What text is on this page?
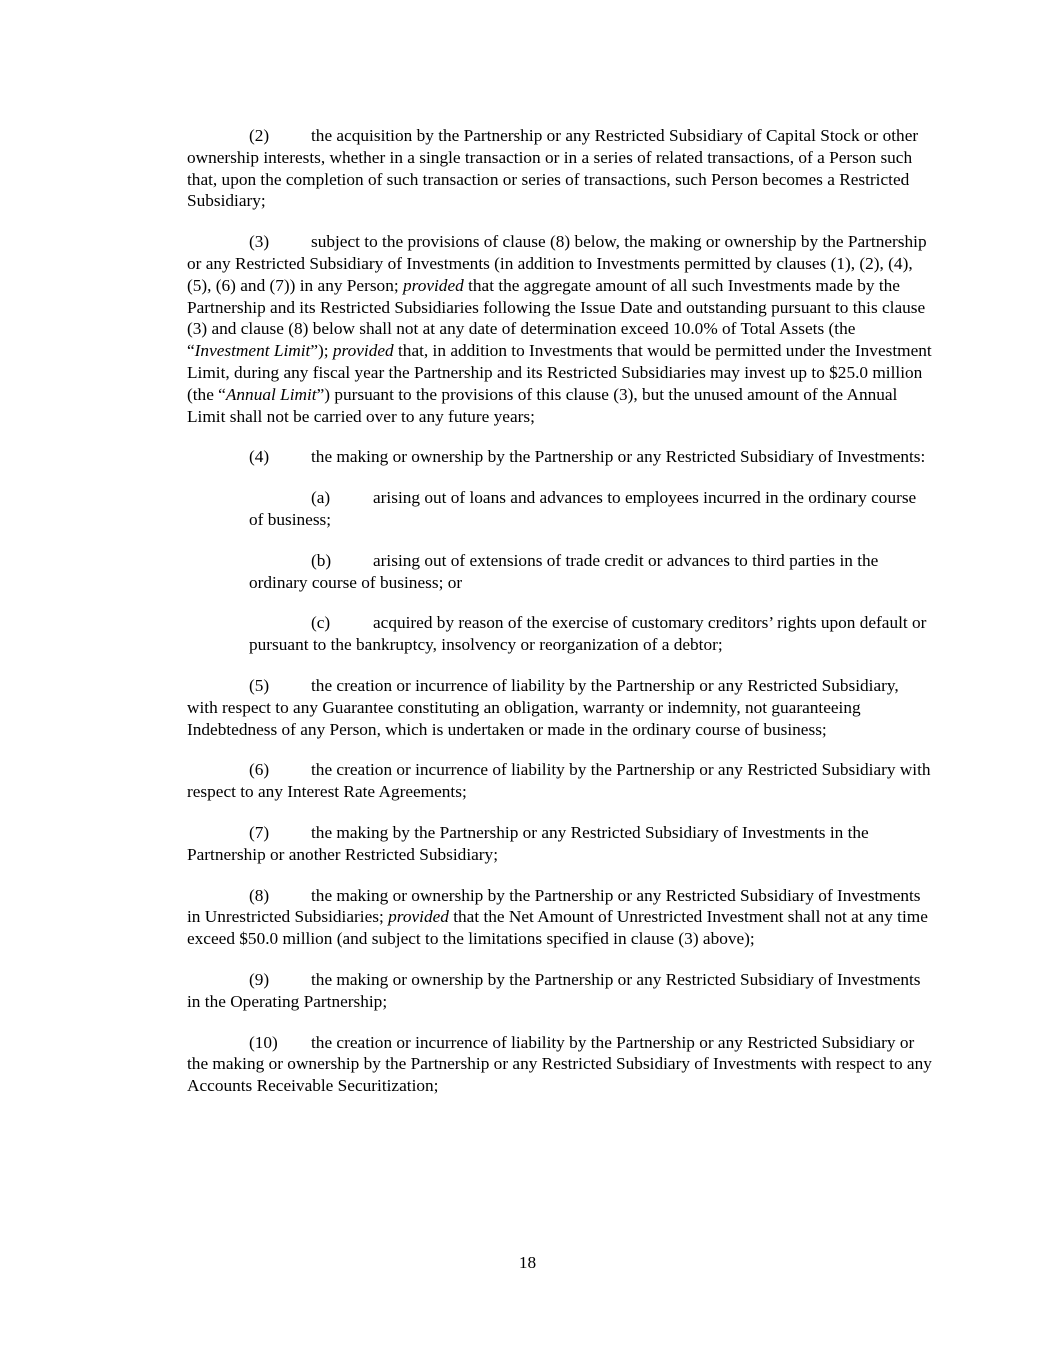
(2) the acquisition by the Partnership or any Restricted Subsidiary of Capital Stock or other ownership interests, whether in a single transaction or in a series of related transactions, of a Person such that, upon the completion of such transaction or series of transactions, such Person becomes a Restricted Subsidiary;

(3) subject to the provisions of clause (8) below, the making or ownership by the Partnership or any Restricted Subsidiary of Investments (in addition to Investments permitted by clauses (1), (2), (4), (5), (6) and (7)) in any Person; provided that the aggregate amount of all such Investments made by the Partnership and its Restricted Subsidiaries following the Issue Date and outstanding pursuant to this clause (3) and clause (8) below shall not at any date of determination exceed 10.0% of Total Assets (the “Investment Limit”); provided that, in addition to Investments that would be permitted under the Investment Limit, during any fiscal year the Partnership and its Restricted Subsidiaries may invest up to $25.0 million (the “Annual Limit”) pursuant to the provisions of this clause (3), but the unused amount of the Annual Limit shall not be carried over to any future years;

(4) the making or ownership by the Partnership or any Restricted Subsidiary of Investments:

(a) arising out of loans and advances to employees incurred in the ordinary course of business;

(b) arising out of extensions of trade credit or advances to third parties in the ordinary course of business; or

(c) acquired by reason of the exercise of customary creditors’ rights upon default or pursuant to the bankruptcy, insolvency or reorganization of a debtor;

(5) the creation or incurrence of liability by the Partnership or any Restricted Subsidiary, with respect to any Guarantee constituting an obligation, warranty or indemnity, not guaranteeing Indebtedness of any Person, which is undertaken or made in the ordinary course of business;

(6) the creation or incurrence of liability by the Partnership or any Restricted Subsidiary with respect to any Interest Rate Agreements;

(7) the making by the Partnership or any Restricted Subsidiary of Investments in the Partnership or another Restricted Subsidiary;

(8) the making or ownership by the Partnership or any Restricted Subsidiary of Investments in Unrestricted Subsidiaries; provided that the Net Amount of Unrestricted Investment shall not at any time exceed $50.0 million (and subject to the limitations specified in clause (3) above);

(9) the making or ownership by the Partnership or any Restricted Subsidiary of Investments in the Operating Partnership;

(10) the creation or incurrence of liability by the Partnership or any Restricted Subsidiary or the making or ownership by the Partnership or any Restricted Subsidiary of Investments with respect to any Accounts Receivable Securitization;

18
